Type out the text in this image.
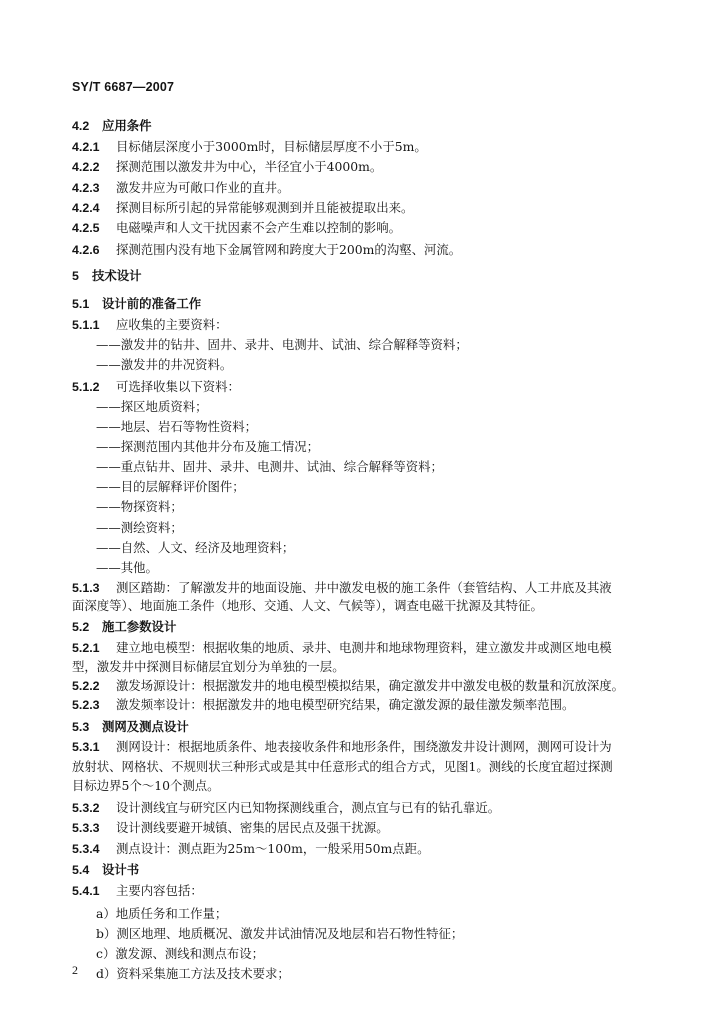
SY/T 6687—2007
4.2 应用条件
4.2.1 目标储层深度小于3000m时，目标储层厚度不小于5m。
4.2.2 探测范围以激发井为中心，半径宜小于4000m。
4.2.3 激发井应为可敞口作业的直井。
4.2.4 探测目标所引起的异常能够观测到并且能被提取出来。
4.2.5 电磁噪声和人文干扰因素不会产生难以控制的影响。
4.2.6 探测范围内没有地下金属管网和跨度大于200m的沟壑、河流。
5 技术设计
5.1 设计前的准备工作
5.1.1 应收集的主要资料：
——激发井的钻井、固井、录井、电测井、试油、综合解释等资料；
——激发井的井况资料。
5.1.2 可选择收集以下资料：
——探区地质资料；
——地层、岩石等物性资料；
——探测范围内其他井分布及施工情况；
——重点钻井、固井、录井、电测井、试油、综合解释等资料；
——目的层解释评价图件；
——物探资料；
——测绘资料；
——自然、人文、经济及地理资料；
——其他。
5.1.3 测区踏勘：了解激发井的地面设施、井中激发电极的施工条件（套管结构、人工井底及其液
面深度等）、地面施工条件（地形、交通、人文、气候等），调查电磁干扰源及其特征。
5.2 施工参数设计
5.2.1 建立地电模型：根据收集的地质、录井、电测井和地球物理资料，建立激发井或测区地电模
型，激发井中探测目标储层宜划分为单独的一层。
5.2.2 激发场源设计：根据激发井的地电模型模拟结果，确定激发井中激发电极的数量和沉放深度。
5.2.3 激发频率设计：根据激发井的地电模型研究结果，确定激发源的最佳激发频率范围。
5.3 测网及测点设计
5.3.1 测网设计：根据地质条件、地表接收条件和地形条件，围绕激发井设计测网，测网可设计为
放射状、网格状、不规则状三种形式或是其中任意形式的组合方式，见图1。测线的长度宜超过探测
目标边界5个～10个测点。
5.3.2 设计测线宜与研究区内已知物探测线重合，测点宜与已有的钻孔靠近。
5.3.3 设计测线要避开城镇、密集的居民点及强干扰源。
5.3.4 测点设计：测点距为25m～100m，一般采用50m点距。
5.4 设计书
5.4.1 主要内容包括：
a）地质任务和工作量；
b）测区地理、地质概况、激发井试油情况及地层和岩石物性特征；
c）激发源、测线和测点布设；
d）资料采集施工方法及技术要求；
2
